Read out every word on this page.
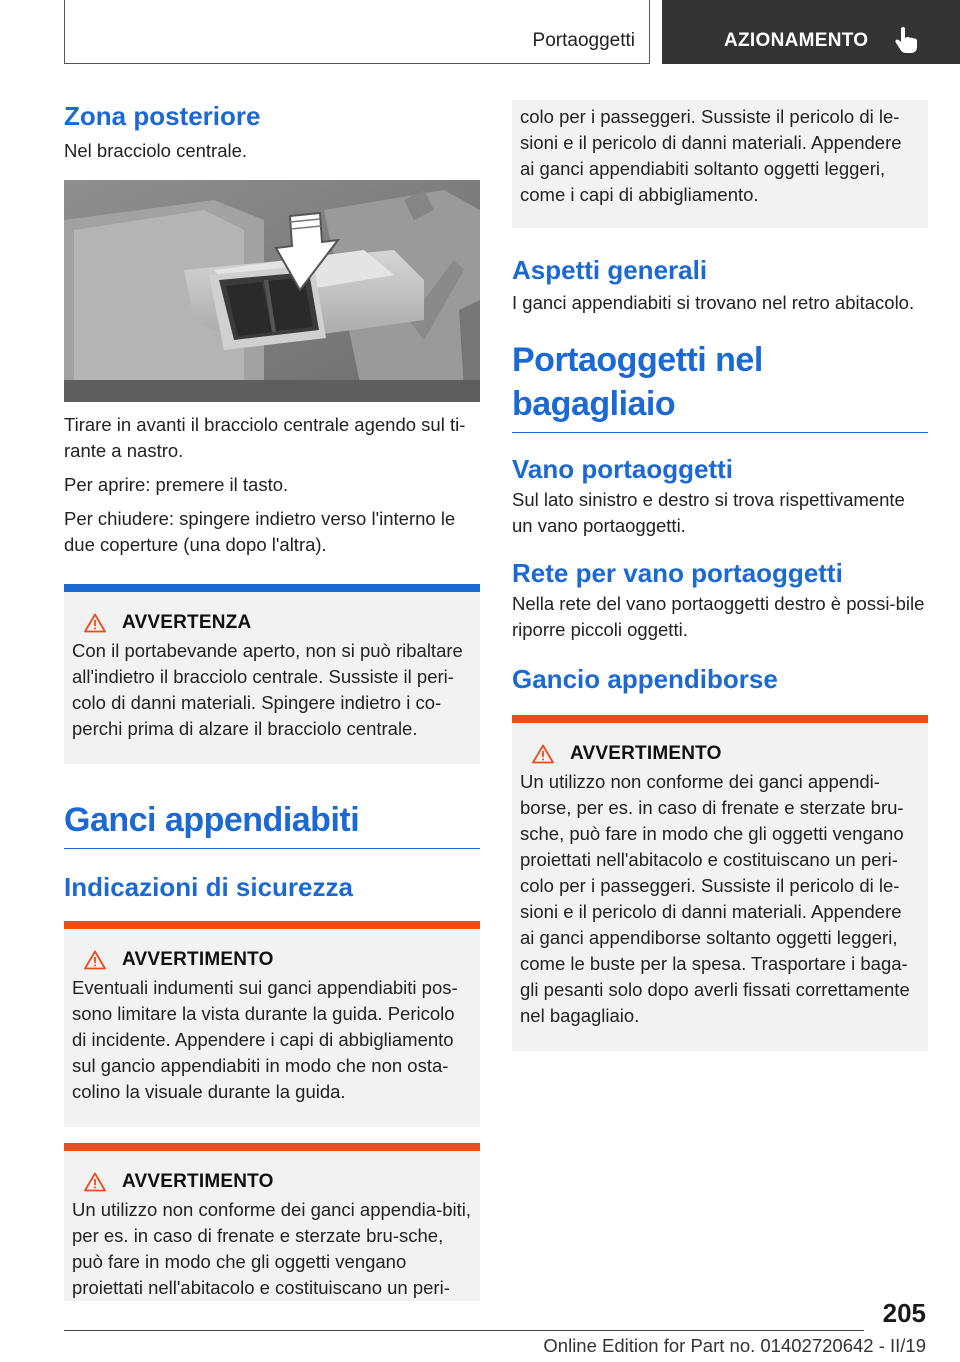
Portaoggetti	AZIONAMENTO
Zona posteriore

Nel bracciolo centrale.

Tirare in avanti il bracciolo centrale agendo sul ti-rante a nastro.

Per aprire: premere il tasto.

Per chiudere: spingere indietro verso l'interno le due coperture (una dopo l'altra).

AVVERTENZA

Con il portabevande aperto, non si può ribaltare all'indietro il bracciolo centrale. Sussiste il peri-colo di danni materiali. Spingere indietro i co-perchi prima di alzare il bracciolo centrale.

Ganci appendiabiti
Indicazioni di sicurezza
AVVERTIMENTO

Eventuali indumenti sui ganci appendiabiti pos-sono limitare la vista durante la guida. Pericolo di incidente. Appendere i capi di abbigliamento sul gancio appendiabiti in modo che non osta-colino la visuale durante la guida.

AVVERTIMENTO

Un utilizzo non conforme dei ganci appendia-biti, per es. in caso di frenate e sterzate bru-sche, può fare in modo che gli oggetti vengano proiettati nell'abitacolo e costituiscano un peri-

colo per i passeggeri. Sussiste il pericolo di le-sioni e il pericolo di danni materiali. Appendere ai ganci appendiabiti soltanto oggetti leggeri, come i capi di abbigliamento.

Aspetti generali

I ganci appendiabiti si trovano nel retro abitacolo.

Portaoggetti nel bagagliaio
Vano portaoggetti

Sul lato sinistro e destro si trova rispettivamente un vano portaoggetti.

Rete per vano portaoggetti

Nella rete del vano portaoggetti destro è possi-bile riporre piccoli oggetti.

Gancio appendiborse
AVVERTIMENTO

Un utilizzo non conforme dei ganci appendi-borse, per es. in caso di frenate e sterzate bru-sche, può fare in modo che gli oggetti vengano proiettati nell'abitacolo e costituiscano un peri-colo per i passeggeri. Sussiste il pericolo di le-sioni e il pericolo di danni materiali. Appendere ai ganci appendiborse soltanto oggetti leggeri, come le buste per la spesa. Trasportare i baga-gli pesanti solo dopo averli fissati correttamente nel bagagliaio.

205
Online Edition for Part no. 01402720642 - II/19
